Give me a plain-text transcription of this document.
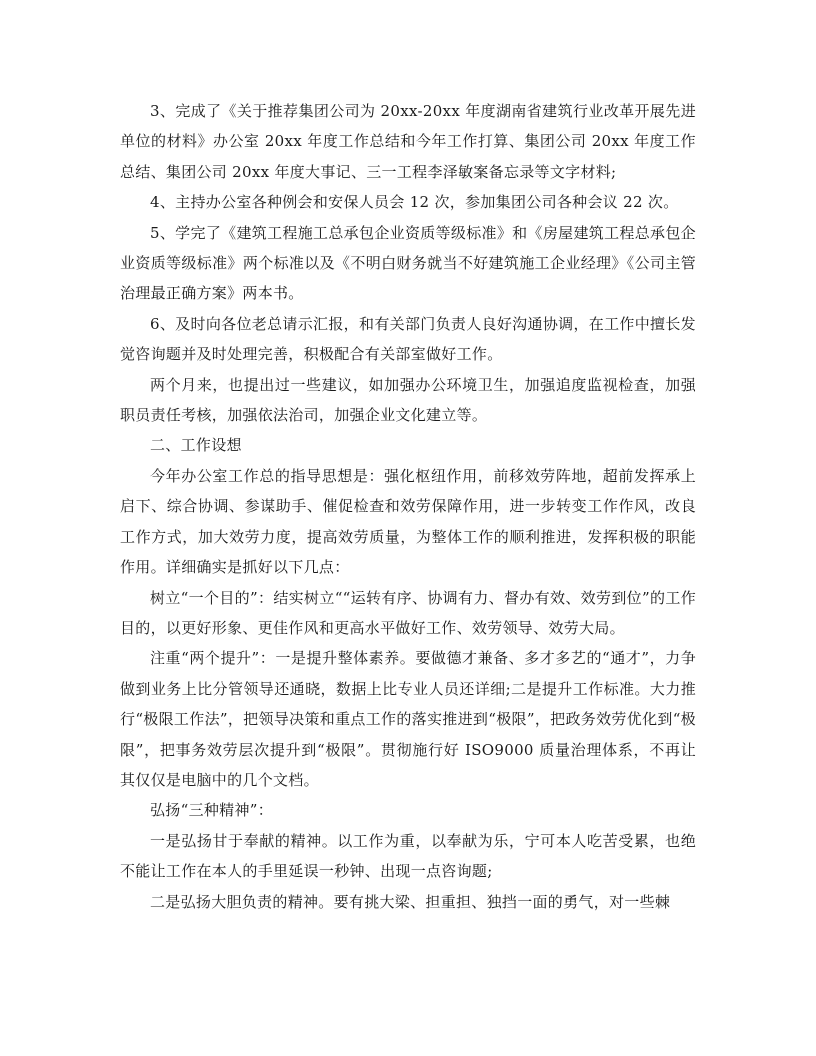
3、完成了《关于推荐集团公司为 20xx-20xx 年度湖南省建筑行业改革开展先进单位的材料》办公室 20xx 年度工作总结和今年工作打算、集团公司 20xx 年度工作总结、集团公司 20xx 年度大事记、三一工程李泽敏案备忘录等文字材料;

4、主持办公室各种例会和安保人员会 12 次，参加集团公司各种会议 22 次。

5、学完了《建筑工程施工总承包企业资质等级标准》和《房屋建筑工程总承包企业资质等级标准》两个标准以及《不明白财务就当不好建筑施工企业经理》《公司主管治理最正确方案》两本书。

6、及时向各位老总请示汇报，和有关部门负责人良好沟通协调，在工作中擅长发觉咨询题并及时处理完善，积极配合有关部室做好工作。

两个月来，也提出过一些建议，如加强办公环境卫生，加强追度监视检查，加强职员责任考核，加强依法治司，加强企业文化建立等。

二、工作设想

今年办公室工作总的指导思想是：强化枢纽作用，前移效劳阵地，超前发挥承上启下、综合协调、参谋助手、催促检查和效劳保障作用，进一步转变工作作风，改良工作方式，加大效劳力度，提高效劳质量，为整体工作的顺利推进，发挥积极的职能作用。详细确实是抓好以下几点：

树立“一个目的”：结实树立““运转有序、协调有力、督办有效、效劳到位”的工作目的，以更好形象、更佳作风和更高水平做好工作、效劳领导、效劳大局。

注重“两个提升”：一是提升整体素养。要做德才兼备、多才多艺的“通才”，力争做到业务上比分管领导还通晓，数据上比专业人员还详细;二是提升工作标准。大力推行“极限工作法”，把领导决策和重点工作的落实推进到“极限”，把政务效劳优化到“极限”，把事务效劳层次提升到“极限”。贯彻施行好 ISO9000 质量治理体系，不再让其仅仅是电脑中的几个文档。

弘扬“三种精神”：

一是弘扬甘于奉献的精神。以工作为重，以奉献为乐，宁可本人吃苦受累，也绝不能让工作在本人的手里延误一秒钟、出现一点咨询题;

二是弘扬大胆负责的精神。要有挑大梁、担重担、独挡一面的勇气，对一些棘
